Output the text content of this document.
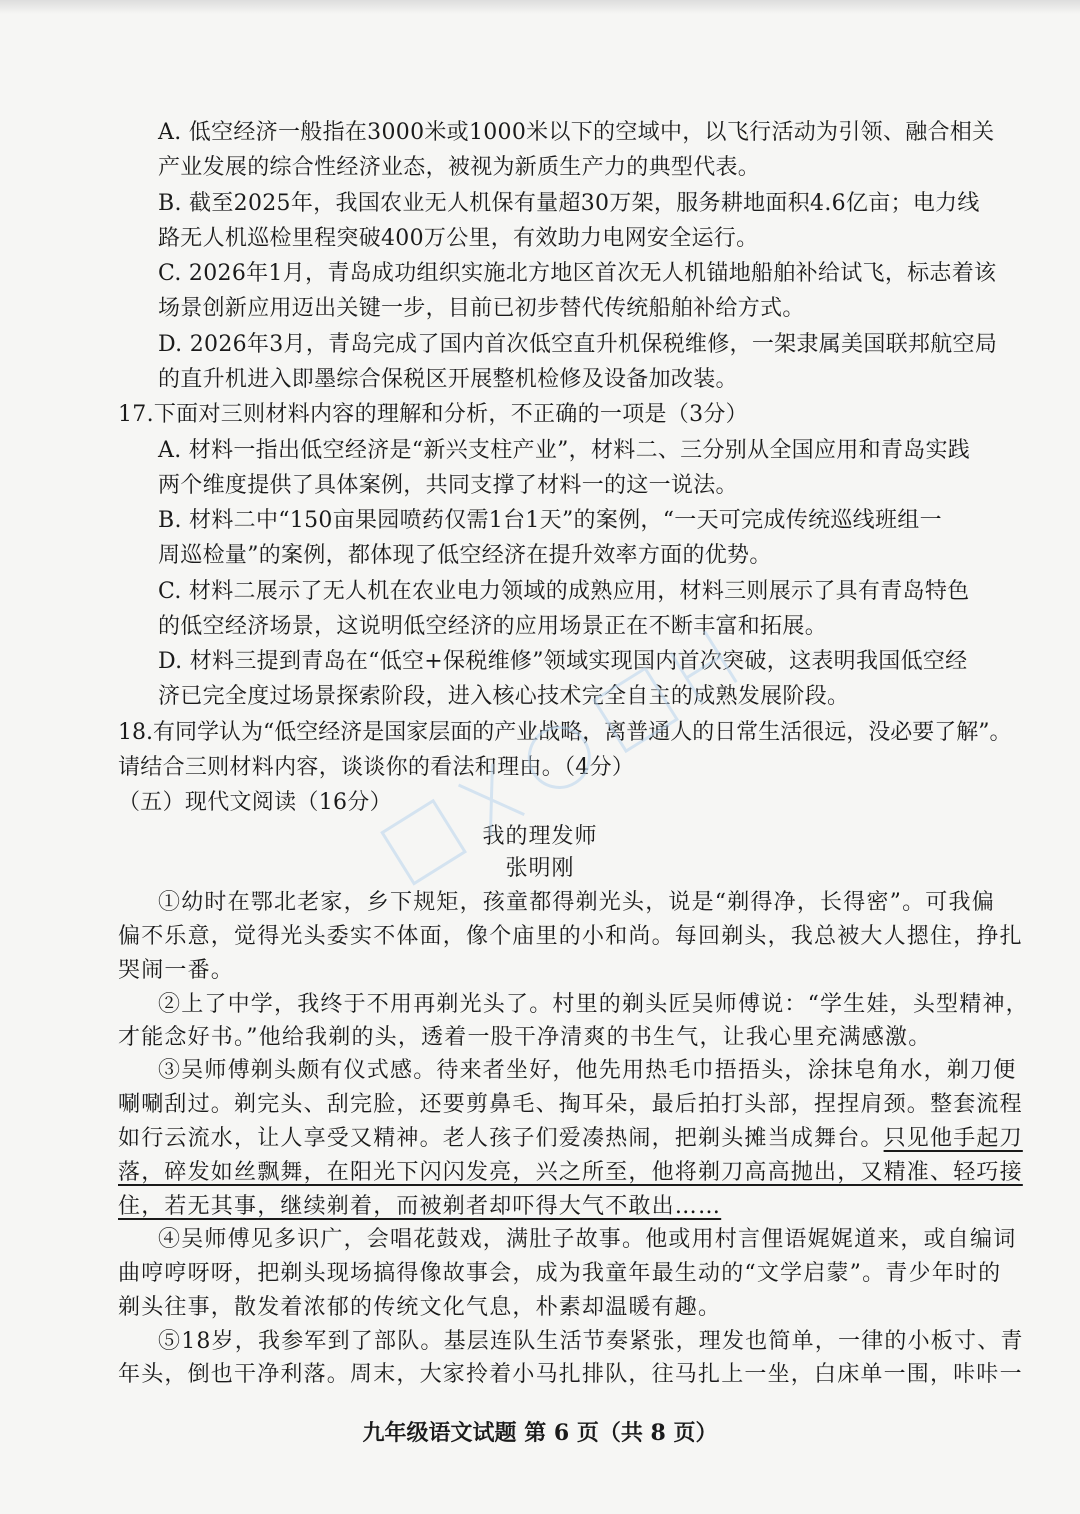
A. 低空经济一般指在3000米或1000米以下的空域中，以飞行活动为引领、融合相关
产业发展的综合性经济业态，被视为新质生产力的典型代表。
B. 截至2025年，我国农业无人机保有量超30万架，服务耕地面积4.6亿亩；电力线
路无人机巡检里程突破400万公里，有效助力电网安全运行。
C. 2026年1月，青岛成功组织实施北方地区首次无人机锚地船舶补给试飞，标志着该
场景创新应用迈出关键一步，目前已初步替代传统船舶补给方式。
D. 2026年3月，青岛完成了国内首次低空直升机保税维修，一架隶属美国联邦航空局
的直升机进入即墨综合保税区开展整机检修及设备加改装。
17.下面对三则材料内容的理解和分析，不正确的一项是（3分）
A. 材料一指出低空经济是“新兴支柱产业”，材料二、三分别从全国应用和青岛实践
两个维度提供了具体案例，共同支撑了材料一的这一说法。
B. 材料二中“150亩果园喷药仅需1台1天”的案例，“一天可完成传统巡线班组一
周巡检量”的案例，都体现了低空经济在提升效率方面的优势。
C. 材料二展示了无人机在农业电力领域的成熟应用，材料三则展示了具有青岛特色
的低空经济场景，这说明低空经济的应用场景正在不断丰富和拓展。
D. 材料三提到青岛在“低空+保税维修”领域实现国内首次突破，这表明我国低空经
济已完全度过场景探索阶段，进入核心技术完全自主的成熟发展阶段。
18.有同学认为“低空经济是国家层面的产业战略，离普通人的日常生活很远，没必要了解”。
请结合三则材料内容，谈谈你的看法和理由。（4分）
（五）现代文阅读（16分）
我的理发师
张明刚
①幼时在鄂北老家，乡下规矩，孩童都得剃光头，说是“剃得净，长得密”。可我偏
偏不乐意，觉得光头委实不体面，像个庙里的小和尚。每回剃头，我总被大人摁住，挣扎
哭闹一番。
②上了中学，我终于不用再剃光头了。村里的剃头匠吴师傅说：“学生娃，头型精神，
才能念好书。”他给我剃的头，透着一股干净清爽的书生气，让我心里充满感激。
③吴师傅剃头颇有仪式感。待来者坐好，他先用热毛巾捂捂头，涂抹皂角水，剃刀便
唰唰刮过。剃完头、刮完脸，还要剪鼻毛、掏耳朵，最后拍打头部，捏捏肩颈。整套流程
如行云流水，让人享受又精神。老人孩子们爱凑热闹，把剃头摊当成舞台。只见他手起刀
落，碎发如丝飘舞，在阳光下闪闪发亮，兴之所至，他将剃刀高高抛出，又精准、轻巧接
住，若无其事，继续剃着，而被剃者却吓得大气不敢出……
④吴师傅见多识广，会唱花鼓戏，满肚子故事。他或用村言俚语娓娓道来，或自编词
曲哼哼呀呀，把剃头现场搞得像故事会，成为我童年最生动的“文学启蒙”。青少年时的
剃头往事，散发着浓郁的传统文化气息，朴素却温暖有趣。
⑤18岁，我参军到了部队。基层连队生活节奏紧张，理发也简单，一律的小板寸、青
年头，倒也干净利落。周末，大家拎着小马扎排队，往马扎上一坐，白床单一围，咔咔一
九年级语文试题 第 6 页（共 8 页）
